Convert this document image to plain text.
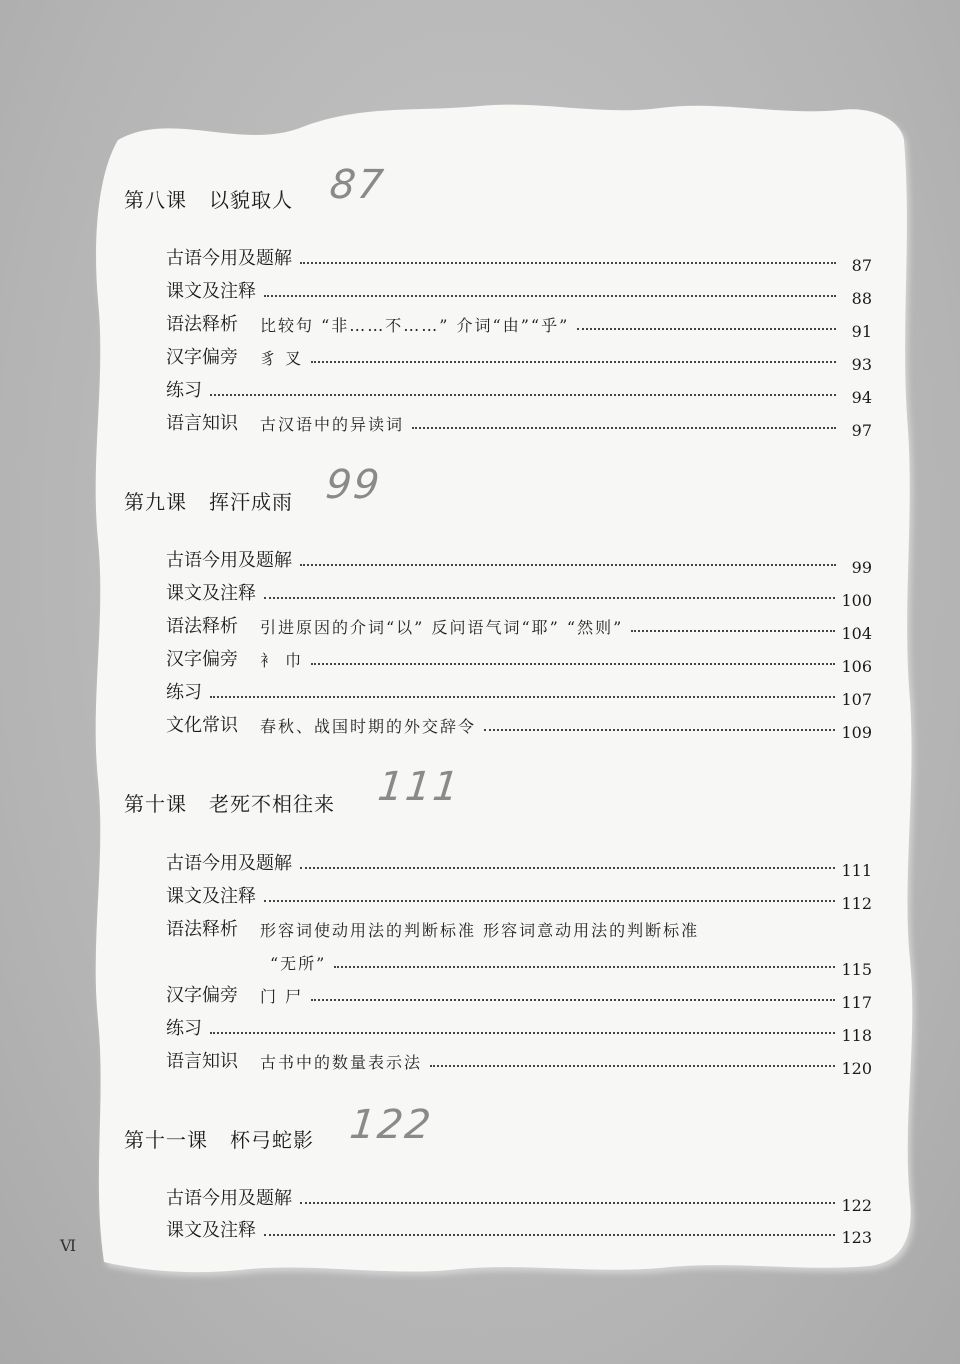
第八课 以貌取人 87
古语今用及题解	87
课文及注释	88
语法释析 比较句 “非……不……” 介词“由”“乎”	91
汉字偏旁 豸 叉	93
练习	94
语言知识 古汉语中的异读词	97
第九课 挥汗成雨 99
古语今用及题解	99
课文及注释	100
语法释析 引进原因的介词“以” 反问语气词“耶” “然则”	104
汉字偏旁 衤 巾	106
练习	107
文化常识 春秋、战国时期的外交辞令	109
第十课 老死不相往来 111
古语今用及题解	111
课文及注释	112
语法释析 形容词使动用法的判断标准 形容词意动用法的判断标准
“无所”	115
汉字偏旁 门 尸	117
练习	118
语言知识 古书中的数量表示法	120
第十一课 杯弓蛇影 122
古语今用及题解	122
课文及注释	123
Ⅵ
